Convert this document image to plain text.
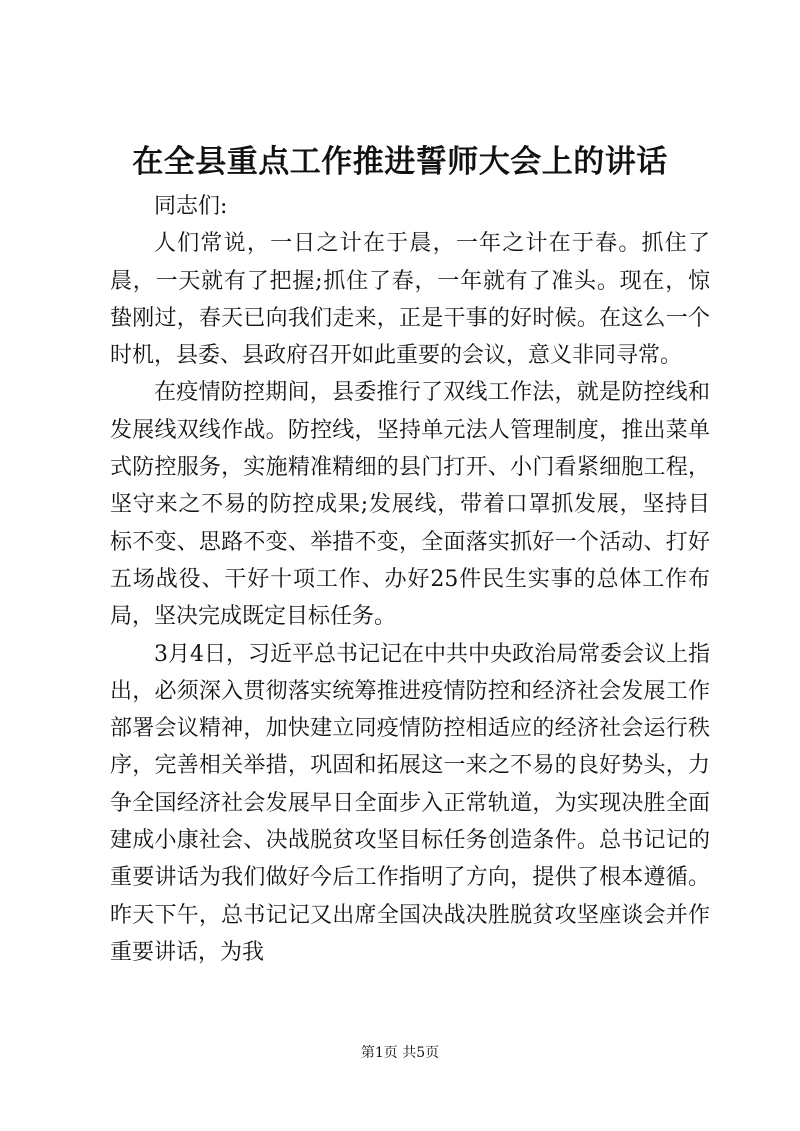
在全县重点工作推进誓师大会上的讲话

同志们:

人们常说，一日之计在于晨，一年之计在于春。抓住了晨，一天就有了把握;抓住了春，一年就有了准头。现在，惊蛰刚过，春天已向我们走来，正是干事的好时候。在这么一个时机，县委、县政府召开如此重要的会议，意义非同寻常。

在疫情防控期间，县委推行了双线工作法，就是防控线和发展线双线作战。防控线，坚持单元法人管理制度，推出菜单式防控服务，实施精准精细的县门打开、小门看紧细胞工程，坚守来之不易的防控成果;发展线，带着口罩抓发展，坚持目标不变、思路不变、举措不变，全面落实抓好一个活动、打好五场战役、干好十项工作、办好25件民生实事的总体工作布局，坚决完成既定目标任务。

3月4日，习近平总书记记在中共中央政治局常委会议上指出，必须深入贯彻落实统筹推进疫情防控和经济社会发展工作部署会议精神，加快建立同疫情防控相适应的经济社会运行秩序，完善相关举措，巩固和拓展这一来之不易的良好势头，力争全国经济社会发展早日全面步入正常轨道，为实现决胜全面建成小康社会、决战脱贫攻坚目标任务创造条件。总书记记的重要讲话为我们做好今后工作指明了方向，提供了根本遵循。昨天下午，总书记记又出席全国决战决胜脱贫攻坚座谈会并作重要讲话，为我

第1页 共5页
